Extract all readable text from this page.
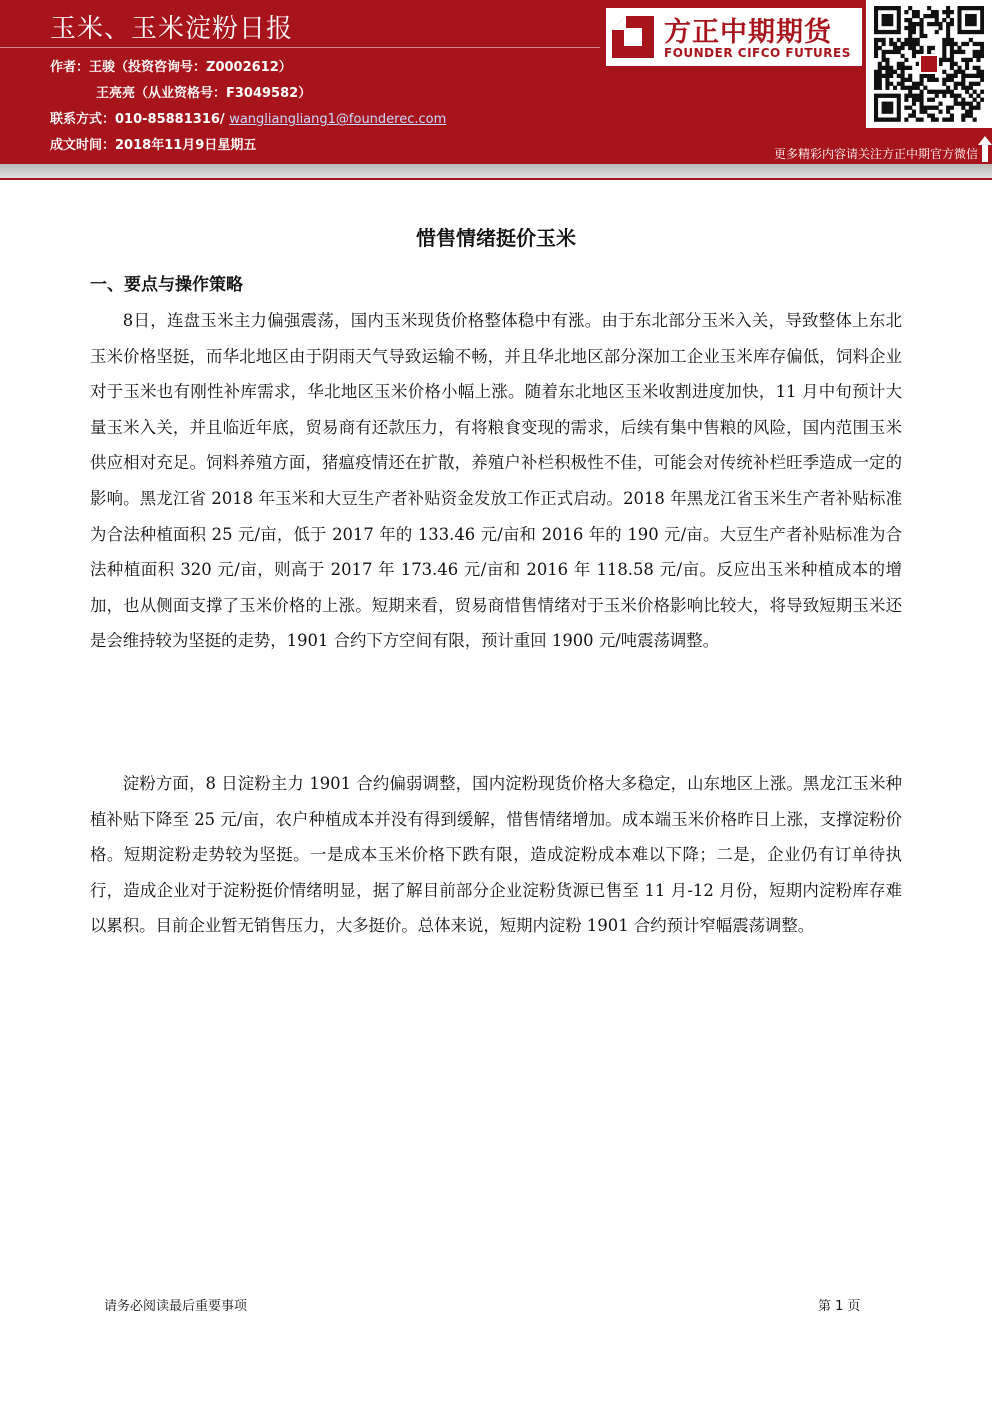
玉米、玉米淀粉日报
作者：王骏（投资咨询号：Z0002612）
王亮亮（从业资格号：F3049582）
联系方式：010-85881316/ wangliangliang1@founderec.com
成文时间：2018年11月9日星期五
方正中期期货
FOUNDER CIFCO FUTURES
更多精彩内容请关注方正中期官方微信
惜售情绪挺价玉米
一、要点与操作策略

8日，连盘玉米主力偏强震荡，国内玉米现货价格整体稳中有涨。由于东北部分玉米入关，导致整体上东北玉米价格坚挺，而华北地区由于阴雨天气导致运输不畅，并且华北地区部分深加工企业玉米库存偏低，饲料企业对于玉米也有刚性补库需求，华北地区玉米价格小幅上涨。随着东北地区玉米收割进度加快，11 月中旬预计大量玉米入关，并且临近年底，贸易商有还款压力，有将粮食变现的需求，后续有集中售粮的风险，国内范围玉米供应相对充足。饲料养殖方面，猪瘟疫情还在扩散，养殖户补栏积极性不佳，可能会对传统补栏旺季造成一定的影响。黑龙江省 2018 年玉米和大豆生产者补贴资金发放工作正式启动。2018 年黑龙江省玉米生产者补贴标准为合法种植面积 25 元/亩，低于 2017 年的 133.46 元/亩和 2016 年的 190 元/亩。大豆生产者补贴标准为合法种植面积 320 元/亩，则高于 2017 年 173.46 元/亩和 2016 年 118.58 元/亩。反应出玉米种植成本的增加，也从侧面支撑了玉米价格的上涨。短期来看，贸易商惜售情绪对于玉米价格影响比较大，将导致短期玉米还是会维持较为坚挺的走势，1901 合约下方空间有限，预计重回 1900 元/吨震荡调整。

淀粉方面，8 日淀粉主力 1901 合约偏弱调整，国内淀粉现货价格大多稳定，山东地区上涨。黑龙江玉米种植补贴下降至 25 元/亩，农户种植成本并没有得到缓解，惜售情绪增加。成本端玉米价格昨日上涨，支撑淀粉价格。短期淀粉走势较为坚挺。一是成本玉米价格下跌有限，造成淀粉成本难以下降；二是，企业仍有订单待执行，造成企业对于淀粉挺价情绪明显，据了解目前部分企业淀粉货源已售至 11 月-12 月份，短期内淀粉库存难以累积。目前企业暂无销售压力，大多挺价。总体来说，短期内淀粉 1901 合约预计窄幅震荡调整。

请务必阅读最后重要事项	第 1 页
